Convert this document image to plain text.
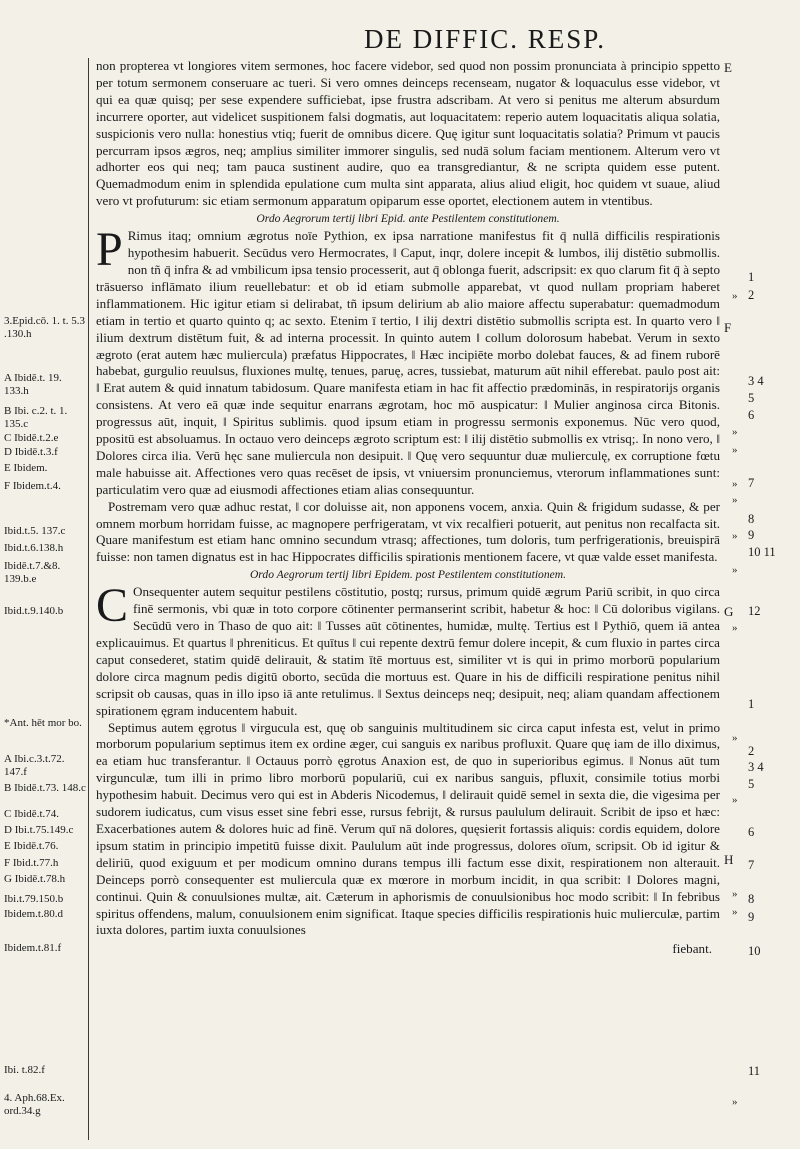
DE DIFFIC. RESP.
3.Epid.cō. 1. t. 5.3 .130.h
A Ibidē.t. 19. 133.h
B Ibi. c.2. t. 1. 135.c
C Ibidē.t.2.e
D Ibidē.t.3.f
E Ibidem.
F Ibidem.t.4.
Ibid.t.5. 137.c
Ibid.t.6.138.h
Ibidē.t.7.&8. 139.b.e
Ibid.t.9.140.b
*Ant. hēt mor bo.
A Ibi.c.3.t.72. 147.f
B Ibidē.t.73. 148.c
C Ibidē.t.74.
D Ibi.t.75.149.c
E Ibidē.t.76.
F Ibid.t.77.h
G Ibidē.t.78.h
Ibi.t.79.150.b
Ibidem.t.80.d
Ibidem.t.81.f
Ibi. t.82.f
4. Aph.68.Ex. ord.34.g

non propterea vt longiores vitem sermones, hoc facere videbor, sed quod non possim pronunciata à principio sppetto per totum sermonem conseruare ac tueri. Si vero omnes deinceps recenseam, nugator & loquaculus esse videbor, vt qui ea quæ quisq; per sese expendere sufficiebat, ipse frustra adscribam. At vero si penitus me alterum absurdum incurrere oporter, aut videlicet suspitionem falsi dogmatis, aut loquacitatem: reperio autem loquacitatis aliqua solatia, suspicionis vero nulla: honestius vtiq; fuerit de omnibus dicere. Quę igitur sunt loquacitatis solatia? Primum vt paucis percurram ipsos ægros, neq; amplius similiter immorer singulis, sed nudā solum faciam mentionem. Alterum vero vt adhorter eos qui neq; tam pauca sustinent audire, quo ea transgrediantur, & ne scripta quidem esse putent. Quemadmodum enim in splendida epulatione cum multa sint apparata, alius aliud eligit, hoc quidem vt suaue, aliud vero vt profuturum: sic etiam sermonum apparatum opiparum esse oportet, electionem autem in vtentibus.

Ordo Aegrorum tertij libri Epid. ante Pestilentem constitutionem.

P Rimus itaq; omnium ægrotus noīe Pythion, ex ipsa narratione manifestus fit q̄ nullā difficilis respirationis hypothesim habuerit. Secūdus vero Hermocrates, ‖ Caput, inqr, dolere incepit & lumbos, ilij distētio submollis. non tñ q̄ infra & ad vmbilicum ipsa tensio processerit, aut q̄ oblonga fuerit, adscripsit: ex quo clarum fit q̄ à septo trāsuerso inflāmato ilium reuellebatur: et ob id etiam submolle apparebat, vt quod nullam propriam haberet inflammationem. Hic igitur etiam si delirabat, tñ ipsum delirium ab alio maiore affectu superabatur: quemadmodum etiam in tertio et quarto quinto q; ac sexto. Etenim ī tertio, ‖ ilij dextri distētio submollis scripta est. In quarto vero ‖ ilium dextrum distētum fuit, & ad interna processit. In quinto autem ‖ collum dolorosum habebat. Verum in sexto ægroto (erat autem hæc muliercula) præfatus Hippocrates, ‖ Hæc incipiēte morbo dolebat fauces, & ad finem ruborē habebat, gurgulio reuulsus, fluxiones multę, tenues, paruę, acres, tussiebat, maturum aūt nihil efferebat. paulo post ait: ‖ Erat autem & quid innatum tabidosum. Quare manifesta etiam in hac fit affectio prædominās, in respiratorijs organis consistens. At vero eā quæ inde sequitur enarrans ægrotam, hoc mō auspicatur: ‖ Mulier anginosa circa Bitonis. progressus aūt, inquit, ‖ Spiritus sublimis. quod ipsum etiam in progressu sermonis exponemus. Nūc vero quod, ppositū est absoluamus. In octauo vero deinceps ægroto scriptum est: ‖ ilij distētio submollis ex vtrisq;. In nono vero, ‖ Dolores circa ilia. Verū hęc sane muliercula non desipuit. ‖ Quę vero sequuntur duæ mulierculę, ex corruptione fœtu male habuisse ait. Affectiones vero quas recēset de ipsis, vt vniuersim pronunciemus, vterorum inflammationes sunt: particulatim vero quæ ad eiusmodi affectiones etiam alias consequuntur.

Postremam vero quæ adhuc restat, ‖ cor doluisse ait, non apponens vocem, anxia. Quin & frigidum sudasse, & per omnem morbum horridam fuisse, ac magnopere perfrigeratam, vt vix recalfieri potuerit, aut penitus non recalfacta sit. Quare manifestum est etiam hanc omnino secundum vtrasq; affectiones, tum doloris, tum perfrigerationis, breuispirā fuisse: non tamen dignatus est in hac Hippocrates difficilis spirationis mentionem facere, vt quæ valde esset manifesta.

Ordo Aegrorum tertij libri Epidem. post Pestilentem constitutionem.

C Onsequenter autem sequitur pestilens cōstitutio, postq; rursus, primum quidē ægrum Pariū scribit, in quo circa finē sermonis, vbi quæ in toto corpore cōtinenter permanserint scribit, habetur & hoc: ‖ Cū doloribus vigilans. Secūdū vero in Thaso de quo ait: ‖ Tusses aūt cōtinentes, humidæ, multę. Tertius est ‖ Pythiō, quem iā antea explicauimus. Et quartus ‖ phreniticus. Et quītus ‖ cui repente dextrū femur dolere incepit, & cum fluxio in partes circa caput consederet, statim quidē delirauit, & statim ītē mortuus est, similiter vt is qui in primo morborū popularium dolore circa magnum pedis digitū oborto, secūda die mortuus est. Quare in his de difficili respiratione penitus nihil scripsit ob causas, quas in illo ipso iā ante retulimus. ‖ Sextus deinceps neq; desipuit, neq; aliam quandam affectionem spirationem ęgram inducentem habuit.

Septimus autem ęgrotus ‖ virgucula est, quę ob sanguinis multitudinem sic circa caput infesta est, velut in primo morborum popularium septimus item ex ordine æger, cui sanguis ex naribus profluxit. Quare quę iam de illo diximus, ea etiam huc transferantur. ‖ Octauus porrò ęgrotus Anaxion est, de quo in superioribus egimus. ‖ Nonus aūt tum virgunculæ, tum illi in primo libro morborū populariū, cui ex naribus sanguis, pfluxit, consimile totius morbi hypothesim habuit. Decimus vero qui est in Abderis Nicodemus, ‖ delirauit quidē semel in sexta die, die vigesima per sudorem iudicatus, cum visus esset sine febri esse, rursus febrijt, & rursus paululum delirauit. Scribit de ipso et hæc: Exacerbationes autem & dolores huic ad finē. Verum quī nā dolores, quęsierit fortassis aliquis: cordis equidem, dolore ipsum statim in principio impetitū fuisse dixit. Paululum aūt inde progressus, dolores oīum, scripsit. Ob id igitur & deliriū, quod exiguum et per modicum omnino durans tempus illi factum esse dixit, respirationem non alterauit. Deinceps porrò consequenter est muliercula quæ ex mœrore in morbum incidit, in qua scribit: ‖ Dolores magni, continui. Quin & conuulsiones multæ, ait. Cæterum in aphorismis de conuulsionibus hoc modo scribit: ‖ In febribus spiritus offendens, malum, conuulsionem enim significat. Itaque species difficilis respirationis huic mulierculæ, partim iuxta dolores, partim iuxta conuulsiones

fiebant.
E
F
G
H
1
» 2
3 4
5
6
»
»
» 7
»
8
» 9
10 11
»
12
»
1
»
2
3 4
5
»
6
7
» 8
» 9
10
11
»
